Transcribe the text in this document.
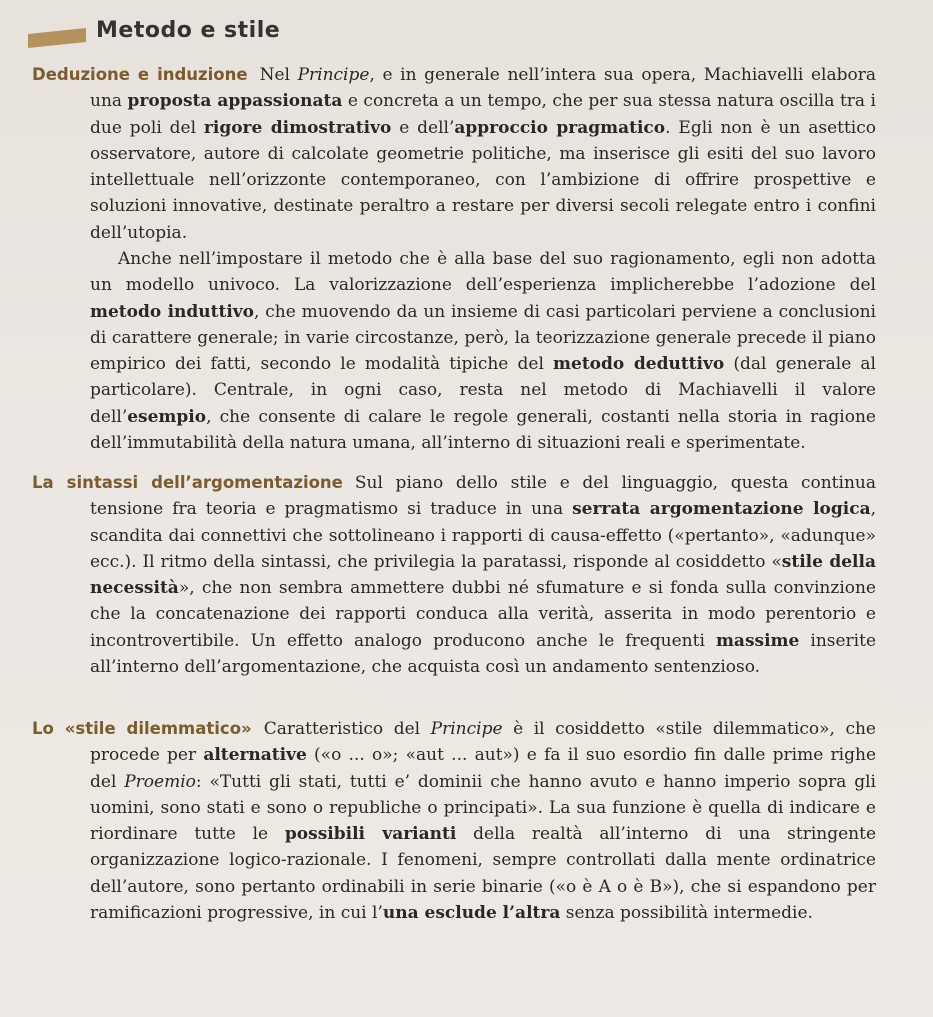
Metodo e stile

Deduzione e induzione Nel Principe, e in generale nell’intera sua opera, Machiavelli elabora una proposta appassionata e concreta a un tempo, che per sua stessa natura oscilla tra i due poli del rigore dimostrativo e dell’approccio pragmatico. Egli non è un asettico osservatore, autore di calcolate geometrie politiche, ma inserisce gli esiti del suo lavoro intellettuale nell’orizzonte contemporaneo, con l’ambizione di offrire prospettive e soluzioni innovative, destinate peraltro a restare per diversi secoli relegate entro i confini dell’utopia.

Anche nell’impostare il metodo che è alla base del suo ragionamento, egli non adotta un modello univoco. La valorizzazione dell’esperienza implicherebbe l’adozione del metodo induttivo, che muovendo da un insieme di casi particolari perviene a conclusioni di carattere generale; in varie circostanze, però, la teorizzazione generale precede il piano empirico dei fatti, secondo le modalità tipiche del metodo deduttivo (dal generale al particolare). Centrale, in ogni caso, resta nel metodo di Machiavelli il valore dell’esempio, che consente di calare le regole generali, costanti nella storia in ragione dell’immutabilità della natura umana, all’interno di situazioni reali e sperimentate.

La sintassi dell’argomentazione Sul piano dello stile e del linguaggio, questa continua tensione fra teoria e pragmatismo si traduce in una serrata argomentazione logica, scandita dai connettivi che sottolineano i rapporti di causa-effetto («pertanto», «adunque» ecc.). Il ritmo della sintassi, che privilegia la paratassi, risponde al cosiddetto «stile della necessità», che non sembra ammettere dubbi né sfumature e si fonda sulla convinzione che la concatenazione dei rapporti conduca alla verità, asserita in modo perentorio e incontrovertibile. Un effetto analogo producono anche le frequenti massime inserite all’interno dell’argomentazione, che acquista così un andamento sentenzioso.

Lo «stile dilemmatico» Caratteristico del Principe è il cosiddetto «stile dilemmatico», che procede per alternative («o ... o»; «aut ... aut») e fa il suo esordio fin dalle prime righe del Proemio: «Tutti gli stati, tutti e’ dominii che hanno avuto e hanno imperio sopra gli uomini, sono stati e sono o republiche o principati». La sua funzione è quella di indicare e riordinare tutte le possibili varianti della realtà all’interno di una stringente organizzazione logico-razionale. I fenomeni, sempre controllati dalla mente ordinatrice dell’autore, sono pertanto ordinabili in serie binarie («o è A o è B»), che si espandono per ramificazioni progressive, in cui l’una esclude l’altra senza possibilità intermedie.
